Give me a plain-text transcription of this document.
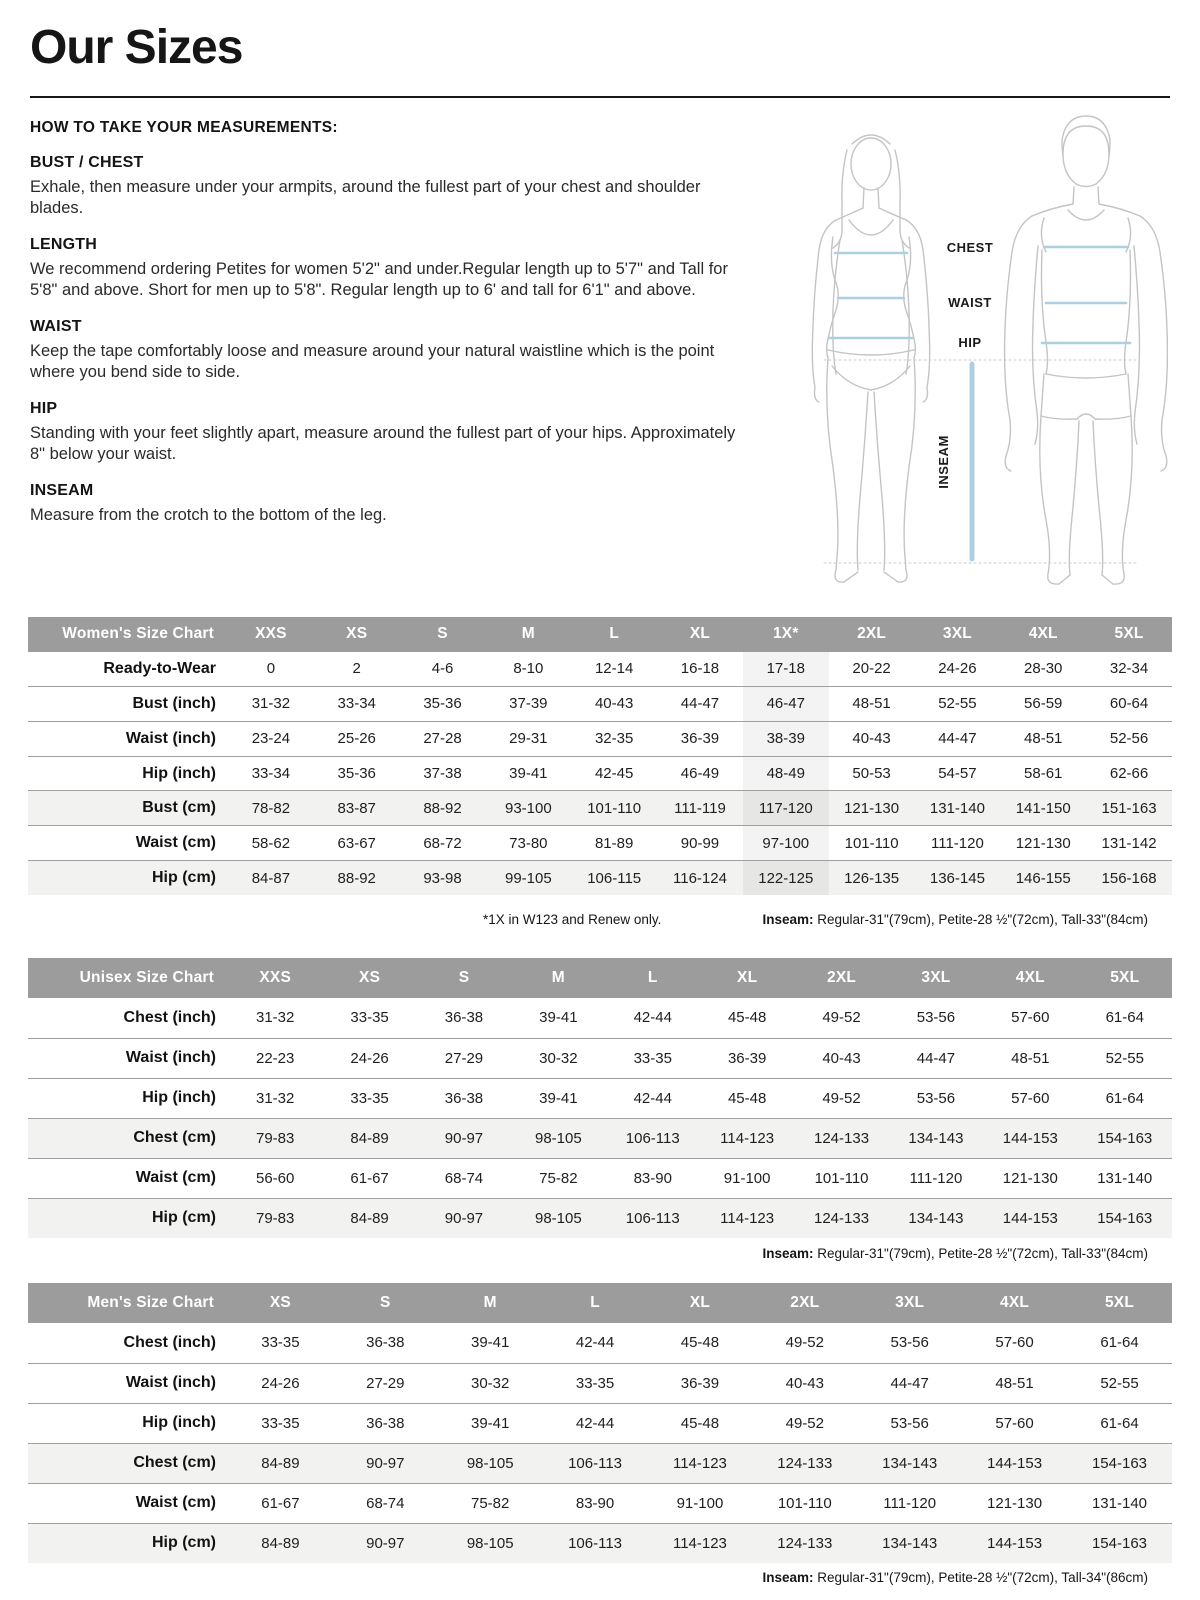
Our Sizes
HOW TO TAKE YOUR MEASUREMENTS:
BUST / CHEST

Exhale, then measure under your armpits, around the fullest part of your chest and shoulder blades.

LENGTH

We recommend ordering Petites for women 5'2" and under.Regular length up to 5'7" and Tall for 5'8" and above. Short for men up to 5'8". Regular length up to 6' and tall for 6'1" and above.

WAIST

Keep the tape comfortably loose and measure around your natural waistline which is the point where you bend side to side.

HIP

Standing with your feet slightly apart, measure around the fullest part of your hips. Approximately 8" below your waist.

INSEAM

Measure from the crotch to the bottom of the leg.

CHEST
WAIST
HIP
INSEAM
Women's Size Chart	XXS	XS	S	M	L	XL	1X*	2XL	3XL	4XL	5XL
Ready-to-Wear	0	2	4-6	8-10	12-14	16-18	17-18	20-22	24-26	28-30	32-34
Bust (inch)	31-32	33-34	35-36	37-39	40-43	44-47	46-47	48-51	52-55	56-59	60-64
Waist (inch)	23-24	25-26	27-28	29-31	32-35	36-39	38-39	40-43	44-47	48-51	52-56
Hip (inch)	33-34	35-36	37-38	39-41	42-45	46-49	48-49	50-53	54-57	58-61	62-66
Bust (cm)	78-82	83-87	88-92	93-100	101-110	111-119	117-120	121-130	131-140	141-150	151-163
Waist (cm)	58-62	63-67	68-72	73-80	81-89	90-99	97-100	101-110	111-120	121-130	131-142
Hip (cm)	84-87	88-92	93-98	99-105	106-115	116-124	122-125	126-135	136-145	146-155	156-168
Unisex Size Chart	XXS	XS	S	M	L	XL	2XL	3XL	4XL	5XL
Chest (inch)	31-32	33-35	36-38	39-41	42-44	45-48	49-52	53-56	57-60	61-64
Waist (inch)	22-23	24-26	27-29	30-32	33-35	36-39	40-43	44-47	48-51	52-55
Hip (inch)	31-32	33-35	36-38	39-41	42-44	45-48	49-52	53-56	57-60	61-64
Chest (cm)	79-83	84-89	90-97	98-105	106-113	114-123	124-133	134-143	144-153	154-163
Waist (cm)	56-60	61-67	68-74	75-82	83-90	91-100	101-110	111-120	121-130	131-140
Hip (cm)	79-83	84-89	90-97	98-105	106-113	114-123	124-133	134-143	144-153	154-163
Men's Size Chart	XS	S	M	L	XL	2XL	3XL	4XL	5XL
Chest (inch)	33-35	36-38	39-41	42-44	45-48	49-52	53-56	57-60	61-64
Waist (inch)	24-26	27-29	30-32	33-35	36-39	40-43	44-47	48-51	52-55
Hip (inch)	33-35	36-38	39-41	42-44	45-48	49-52	53-56	57-60	61-64
Chest (cm)	84-89	90-97	98-105	106-113	114-123	124-133	134-143	144-153	154-163
Waist (cm)	61-67	68-74	75-82	83-90	91-100	101-110	111-120	121-130	131-140
Hip (cm)	84-89	90-97	98-105	106-113	114-123	124-133	134-143	144-153	154-163
*1X in W123 and Renew only.	Inseam: Regular-31"(79cm), Petite-28 ½"(72cm), Tall-33"(84cm)
Inseam: Regular-31"(79cm), Petite-28 ½"(72cm), Tall-33"(84cm)
Inseam: Regular-31"(79cm), Petite-28 ½"(72cm), Tall-34"(86cm)
